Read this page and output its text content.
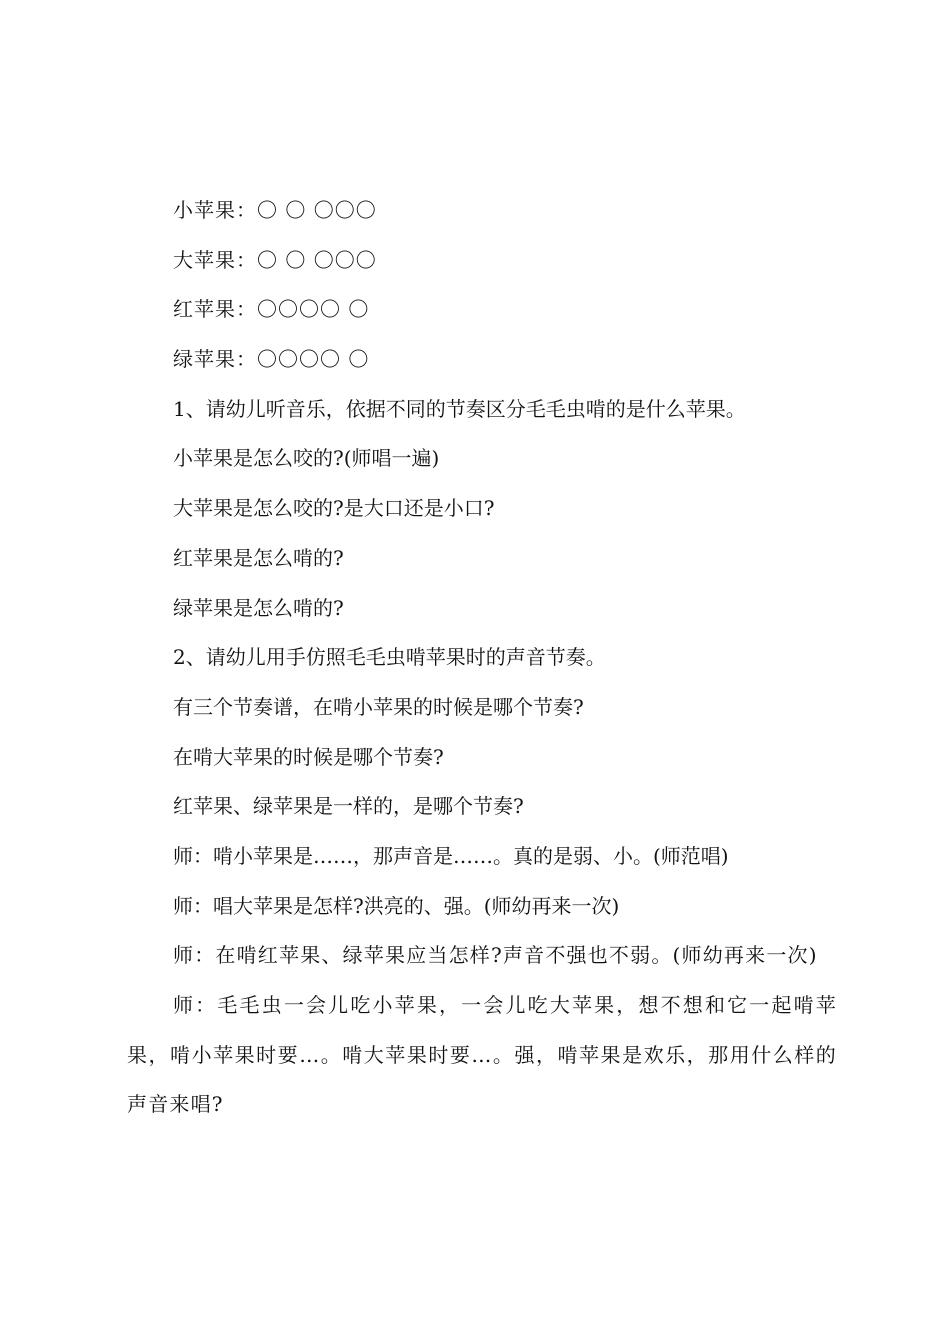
小苹果：〇 〇 〇〇〇

大苹果：〇 〇 〇〇〇

红苹果：〇〇〇〇 〇

绿苹果：〇〇〇〇 〇

1、请幼儿听音乐，依据不同的节奏区分毛毛虫啃的是什么苹果。

小苹果是怎么咬的?(师唱一遍)

大苹果是怎么咬的?是大口还是小口?

红苹果是怎么啃的?

绿苹果是怎么啃的?

2、请幼儿用手仿照毛毛虫啃苹果时的声音节奏。

有三个节奏谱，在啃小苹果的时候是哪个节奏?

在啃大苹果的时候是哪个节奏?

红苹果、绿苹果是一样的，是哪个节奏?

师：啃小苹果是……，那声音是……。真的是弱、小。(师范唱)

师：唱大苹果是怎样?洪亮的、强。(师幼再来一次)

师：在啃红苹果、绿苹果应当怎样?声音不强也不弱。(师幼再来一次)

师：毛毛虫一会儿吃小苹果，一会儿吃大苹果，想不想和它一起啃苹果，啃小苹果时要…。啃大苹果时要…。强，啃苹果是欢乐，那用什么样的声音来唱?
